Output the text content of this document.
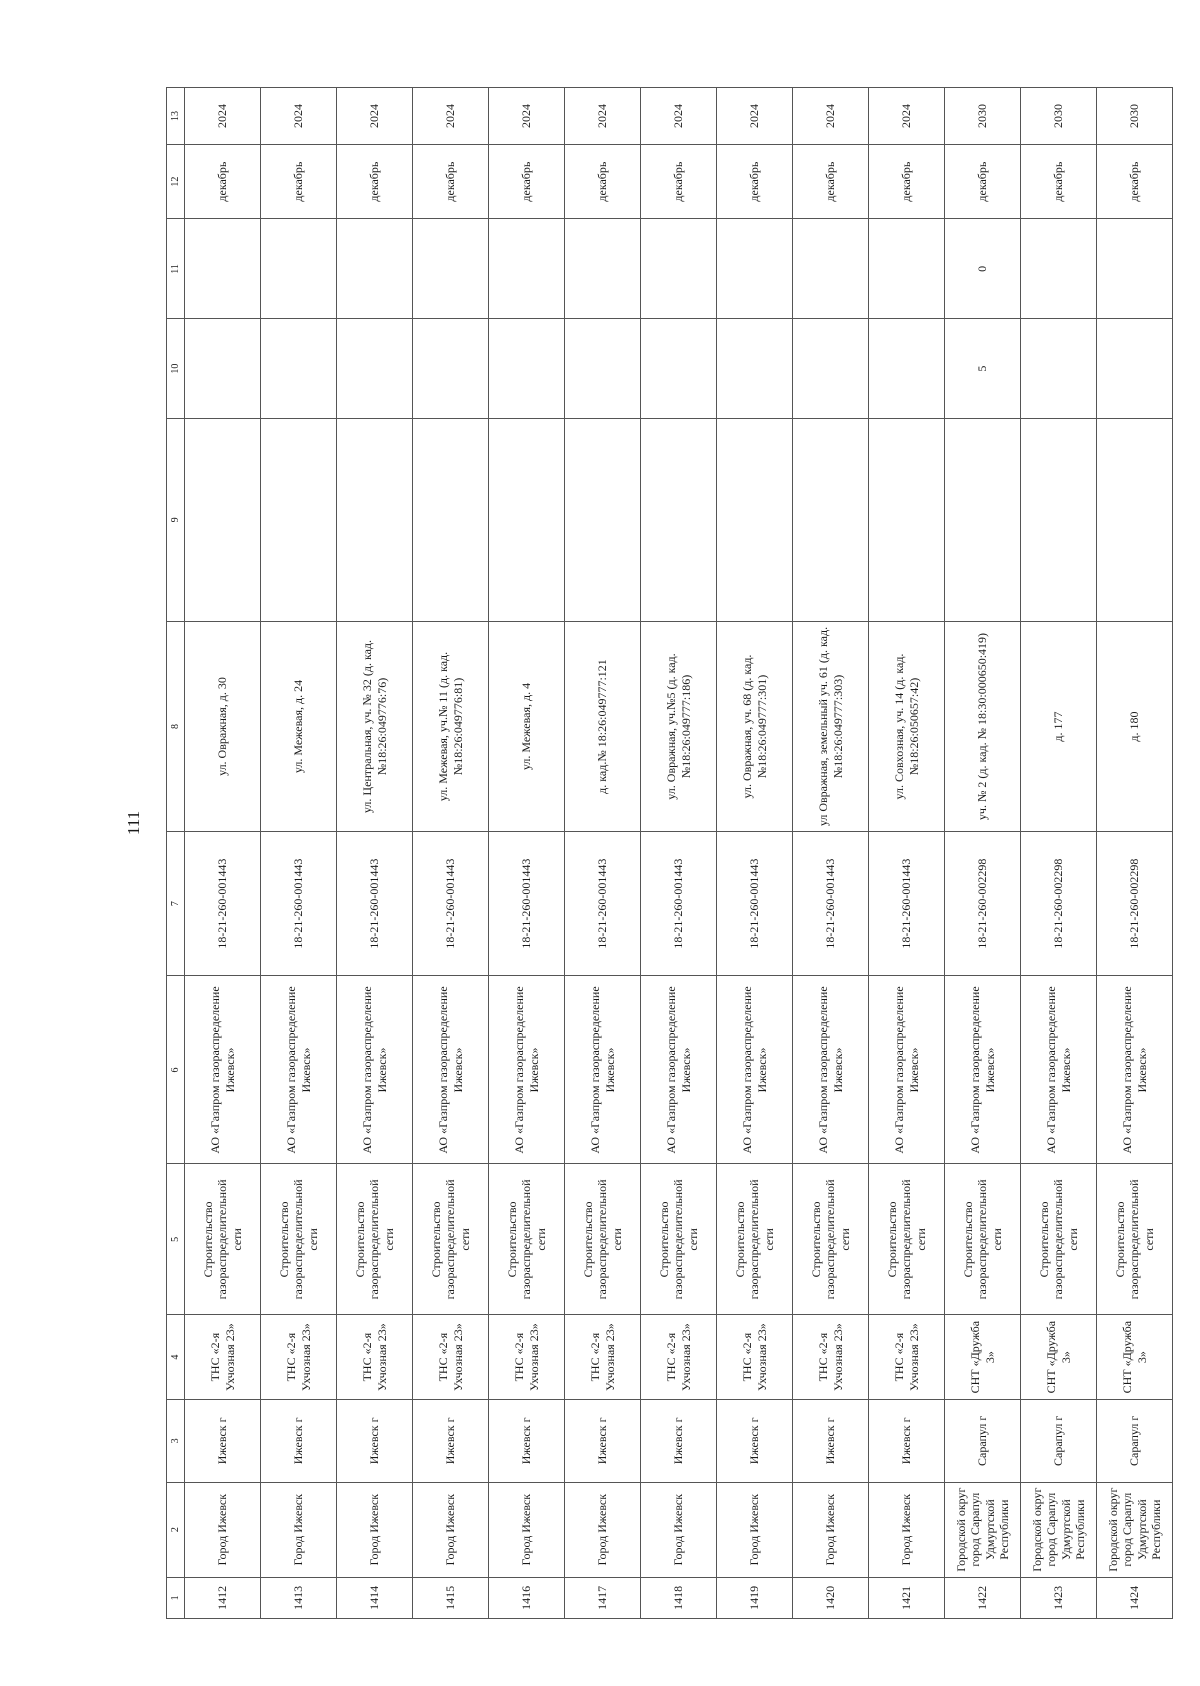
111
1	2	3	4	5	6	7	8	9	10	11	12	13
1412	Город Ижевск	Ижевск г	ТНС «2-я Ухчозная 23»	Строительство газораспределительной сети	АО «Газпром газораспределение Ижевск»	18-21-260-001443	ул. Овражная, д. 30				декабрь	2024
1413	Город Ижевск	Ижевск г	ТНС «2-я Ухчозная 23»	Строительство газораспределительной сети	АО «Газпром газораспределение Ижевск»	18-21-260-001443	ул. Межевая, д. 24				декабрь	2024
1414	Город Ижевск	Ижевск г	ТНС «2-я Ухчозная 23»	Строительство газораспределительной сети	АО «Газпром газораспределение Ижевск»	18-21-260-001443	ул. Центральная, уч. № 32 (д. кад.№18:26:049776:76)				декабрь	2024
1415	Город Ижевск	Ижевск г	ТНС «2-я Ухчозная 23»	Строительство газораспределительной сети	АО «Газпром газораспределение Ижевск»	18-21-260-001443	ул. Межевая, уч.№ 11 (д. кад.№18:26:049776:81)				декабрь	2024
1416	Город Ижевск	Ижевск г	ТНС «2-я Ухчозная 23»	Строительство газораспределительной сети	АО «Газпром газораспределение Ижевск»	18-21-260-001443	ул. Межевая, д. 4				декабрь	2024
1417	Город Ижевск	Ижевск г	ТНС «2-я Ухчозная 23»	Строительство газораспределительной сети	АО «Газпром газораспределение Ижевск»	18-21-260-001443	д. кад.№ 18:26:049777:121				декабрь	2024
1418	Город Ижевск	Ижевск г	ТНС «2-я Ухчозная 23»	Строительство газораспределительной сети	АО «Газпром газораспределение Ижевск»	18-21-260-001443	ул. Овражная, уч.№5 (д. кад.№18:26:049777:186)				декабрь	2024
1419	Город Ижевск	Ижевск г	ТНС «2-я Ухчозная 23»	Строительство газораспределительной сети	АО «Газпром газораспределение Ижевск»	18-21-260-001443	ул. Овражная, уч. 68 (д. кад.№18:26:049777:301)				декабрь	2024
1420	Город Ижевск	Ижевск г	ТНС «2-я Ухчозная 23»	Строительство газораспределительной сети	АО «Газпром газораспределение Ижевск»	18-21-260-001443	ул Овражная, земельный уч. 61 (д. кад.№18:26:049777:303)				декабрь	2024
1421	Город Ижевск	Ижевск г	ТНС «2-я Ухчозная 23»	Строительство газораспределительной сети	АО «Газпром газораспределение Ижевск»	18-21-260-001443	ул. Совхозная, уч. 14 (д. кад.№18:26:050657:42)				декабрь	2024
1422	Городской округ город Сарапул Удмуртской Республики	Сарапул г	СНТ «Дружба 3»	Строительство газораспределительной сети	АО «Газпром газораспределение Ижевск»	18-21-260-002298	уч. № 2 (д. кад. № 18:30:000650:419)		5	0	декабрь	2030
1423	Городской округ город Сарапул Удмуртской Республики	Сарапул г	СНТ «Дружба 3»	Строительство газораспределительной сети	АО «Газпром газораспределение Ижевск»	18-21-260-002298	д. 177				декабрь	2030
1424	Городской округ город Сарапул Удмуртской Республики	Сарапул г	СНТ «Дружба 3»	Строительство газораспределительной сети	АО «Газпром газораспределение Ижевск»	18-21-260-002298	д. 180				декабрь	2030
